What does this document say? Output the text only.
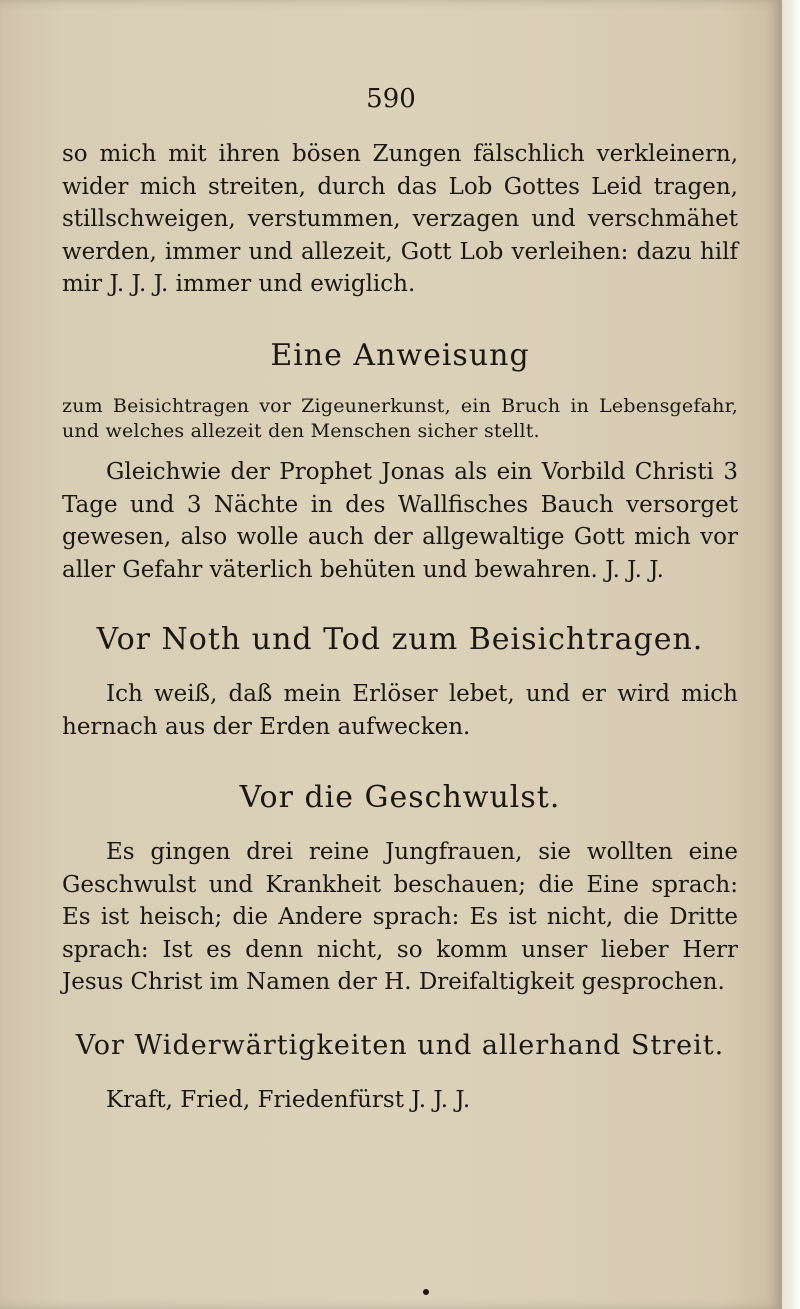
590
so mich mit ihren bösen Zungen fälschlich verkleinern, wider mich streiten, durch das Lob Gottes Leid tragen, stillschweigen, verstummen, verzagen und verschmähet werden, immer und allezeit, Gott Lob verleihen: dazu hilf mir J. J. J. immer und ewiglich.
Eine Anweisung
zum Beisichtragen vor Zigeunerkunst, ein Bruch in Lebensgefahr, und welches allezeit den Menschen sicher stellt.
Gleichwie der Prophet Jonas als ein Vorbild Christi 3 Tage und 3 Nächte in des Wallfisches Bauch versorget gewesen, also wolle auch der allgewaltige Gott mich vor aller Gefahr väterlich behüten und bewahren. J. J. J.
Vor Noth und Tod zum Beisichtragen.
Ich weiß, daß mein Erlöser lebet, und er wird mich hernach aus der Erden aufwecken.
Vor die Geschwulst.
Es gingen drei reine Jungfrauen, sie wollten eine Geschwulst und Krankheit beschauen; die Eine sprach: Es ist heisch; die Andere sprach: Es ist nicht, die Dritte sprach: Ist es denn nicht, so komm unser lieber Herr Jesus Christ im Namen der H. Dreifaltigkeit gesprochen.
Vor Widerwärtigkeiten und allerhand Streit.
Kraft, Fried, Friedenfürst J. J. J.
